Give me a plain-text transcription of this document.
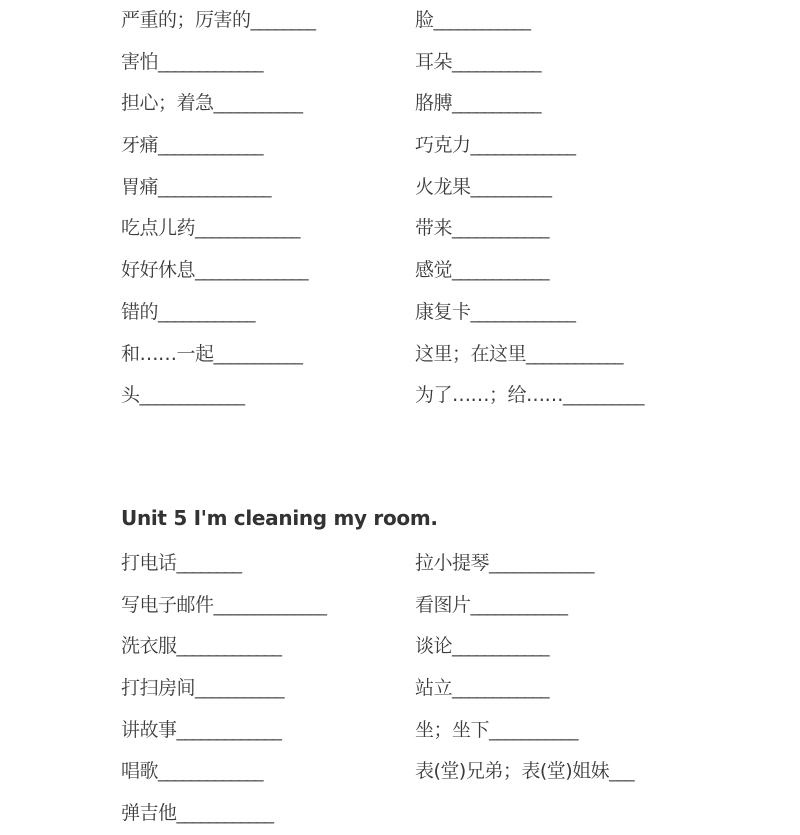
严重的；厉害的________	脸____________
害怕_____________	耳朵___________
担心；着急___________	胳膊___________
牙痛_____________	巧克力_____________
胃痛______________	火龙果__________
吃点儿药_____________	带来____________
好好休息______________	感觉____________
错的____________	康复卡_____________
和……一起___________	这里；在这里____________
头_____________	为了……；给……__________
Unit 5 I'm cleaning my room.
打电话________	拉小提琴_____________
写电子邮件______________	看图片____________
洗衣服_____________	谈论____________
打扫房间___________	站立____________
讲故事_____________	坐；坐下___________
唱歌_____________	表(堂)兄弟；表(堂)姐妹___
弹吉他____________
